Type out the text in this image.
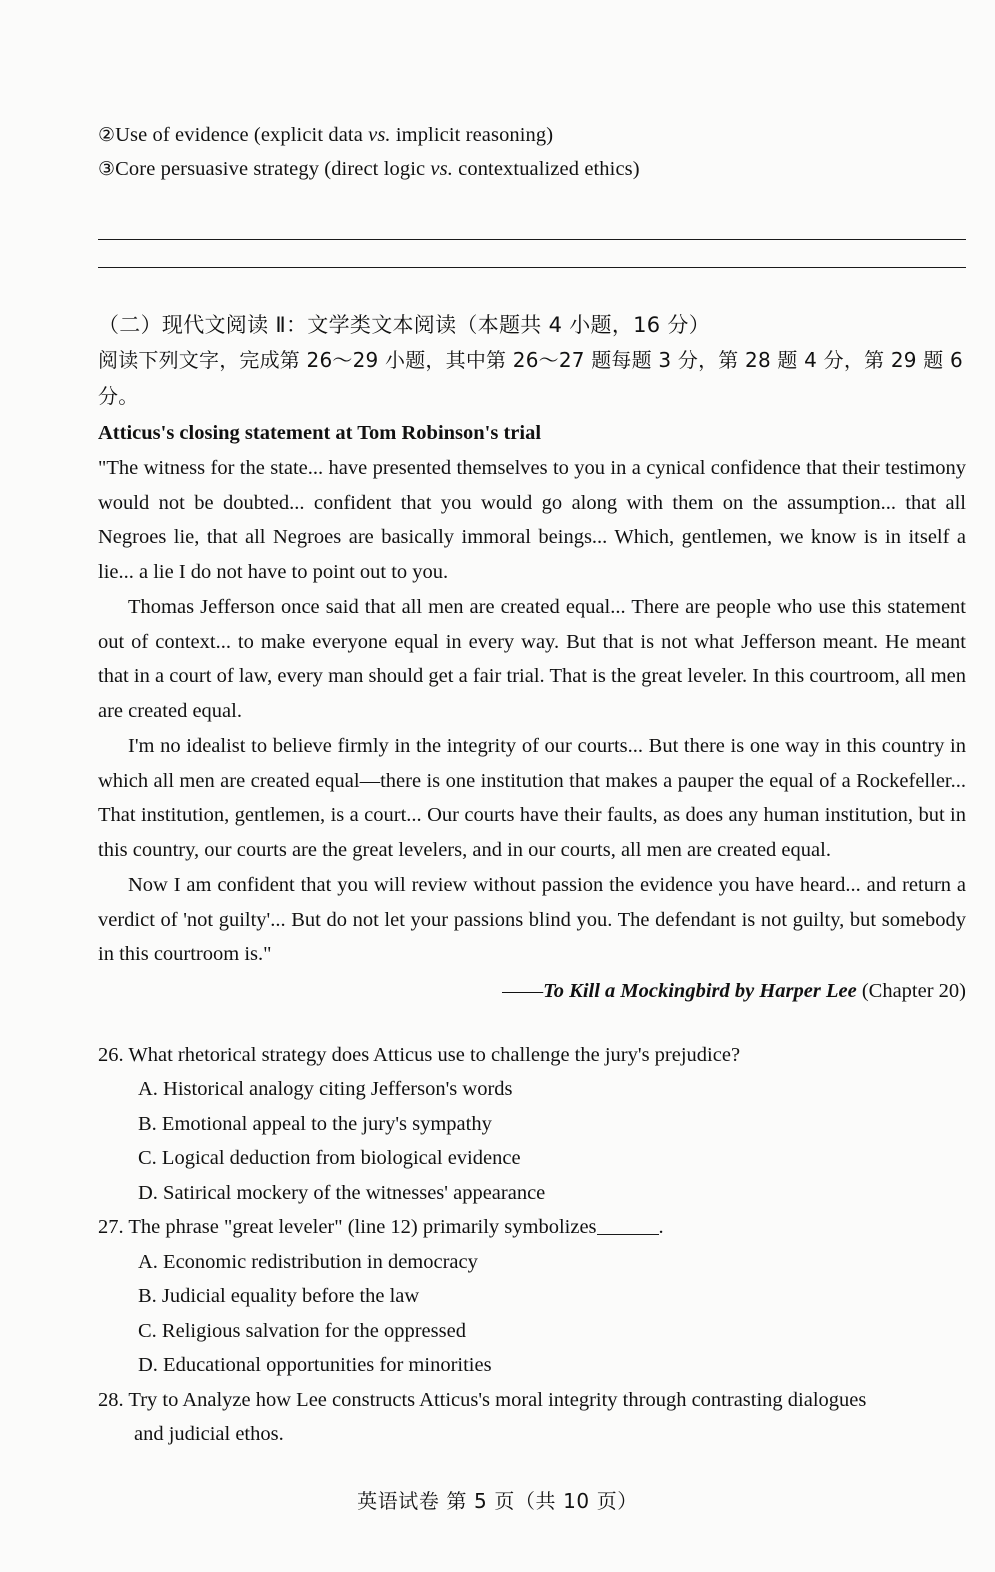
②Use of evidence (explicit data vs. implicit reasoning)
③Core persuasive strategy (direct logic vs. contextualized ethics)
（二）现代文阅读 Ⅱ：文学类文本阅读（本题共 4 小题，16 分）
阅读下列文字，完成第 26～29 小题，其中第 26～27 题每题 3 分，第 28 题 4 分，第 29 题 6 分。
Atticus's closing statement at Tom Robinson's trial
"The witness for the state... have presented themselves to you in a cynical confidence that their testimony would not be doubted... confident that you would go along with them on the assumption... that all Negroes lie, that all Negroes are basically immoral beings... Which, gentlemen, we know is in itself a lie... a lie I do not have to point out to you.
Thomas Jefferson once said that all men are created equal... There are people who use this statement out of context... to make everyone equal in every way. But that is not what Jefferson meant. He meant that in a court of law, every man should get a fair trial. That is the great leveler. In this courtroom, all men are created equal.
I'm no idealist to believe firmly in the integrity of our courts... But there is one way in this country in which all men are created equal—there is one institution that makes a pauper the equal of a Rockefeller... That institution, gentlemen, is a court... Our courts have their faults, as does any human institution, but in this country, our courts are the great levelers, and in our courts, all men are created equal.
Now I am confident that you will review without passion the evidence you have heard... and return a verdict of 'not guilty'... But do not let your passions blind you. The defendant is not guilty, but somebody in this courtroom is."
——To Kill a Mockingbird by Harper Lee (Chapter 20)
26. What rhetorical strategy does Atticus use to challenge the jury's prejudice?
A. Historical analogy citing Jefferson's words
B. Emotional appeal to the jury's sympathy
C. Logical deduction from biological evidence
D. Satirical mockery of the witnesses' appearance
27. The phrase "great leveler" (line 12) primarily symbolizes	.
A. Economic redistribution in democracy
B. Judicial equality before the law
C. Religious salvation for the oppressed
D. Educational opportunities for minorities
28. Try to Analyze how Lee constructs Atticus's moral integrity through contrasting dialogues
and judicial ethos.
英语试卷 第 5 页（共 10 页）
